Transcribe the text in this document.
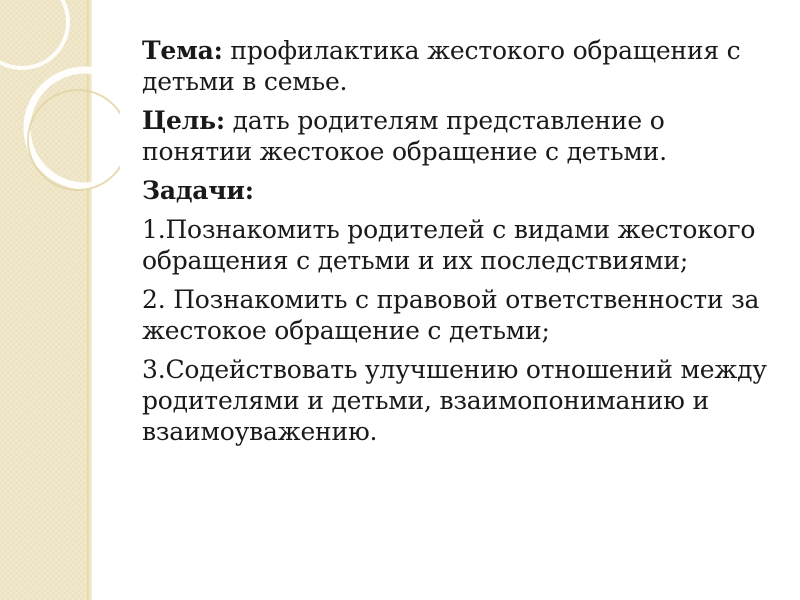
Тема: профилактика жестокого обращения с детьми в семье.

Цель: дать родителям представление о понятии жестокое обращение с детьми.

Задачи:

1.Познакомить родителей с видами жестокого обращения с детьми и их последствиями;

2. Познакомить с правовой ответственности за жестокое обращение с детьми;

3.Содействовать улучшению отношений между родителями и детьми, взаимопониманию и взаимоуважению.
